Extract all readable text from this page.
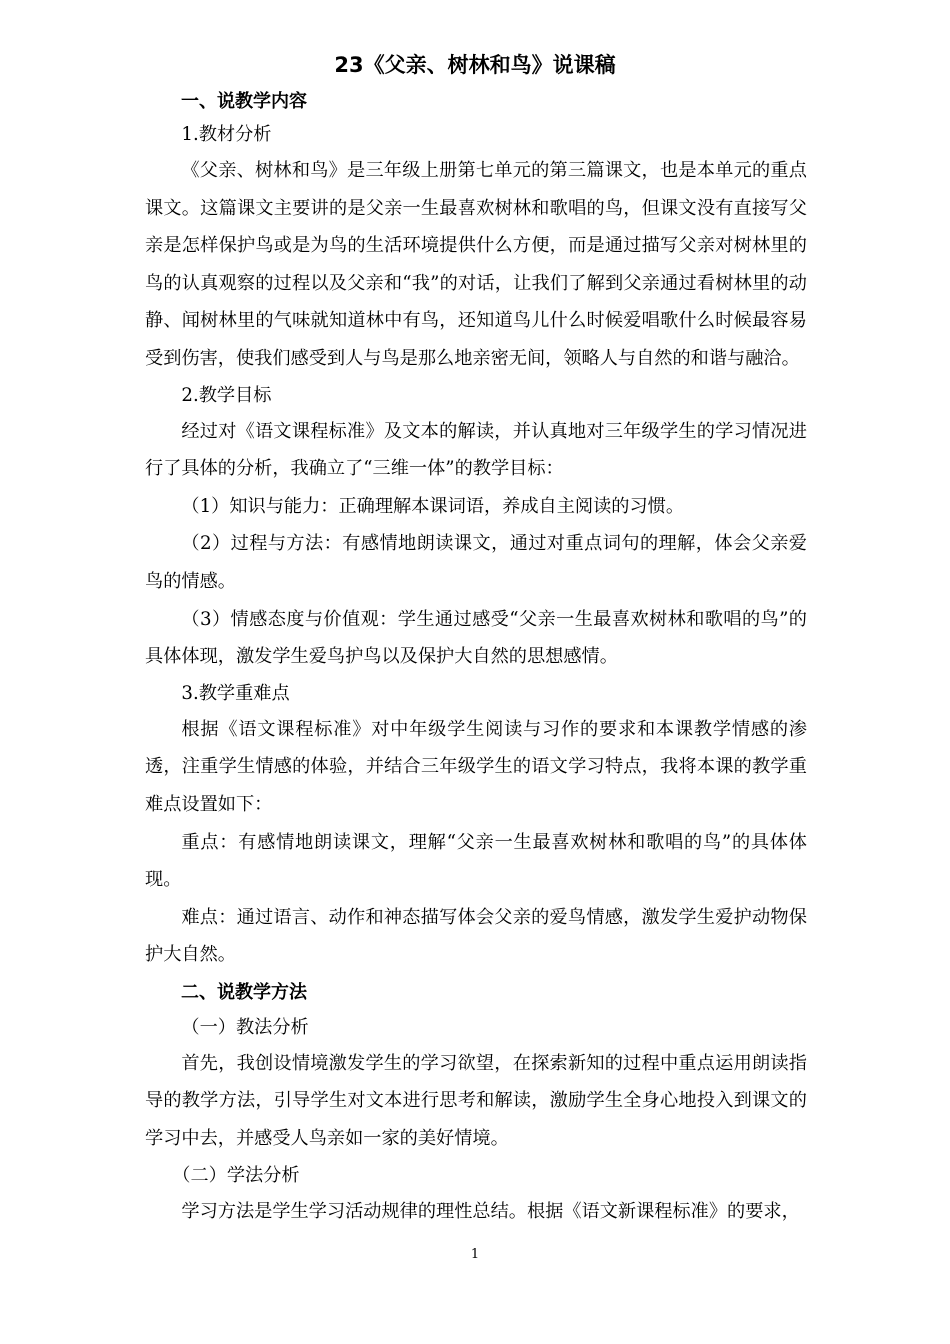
23《父亲、树林和鸟》说课稿

一、说教学内容

1.教材分析

《父亲、树林和鸟》是三年级上册第七单元的第三篇课文，也是本单元的重点课文。这篇课文主要讲的是父亲一生最喜欢树林和歌唱的鸟，但课文没有直接写父亲是怎样保护鸟或是为鸟的生活环境提供什么方便，而是通过描写父亲对树林里的鸟的认真观察的过程以及父亲和“我”的对话，让我们了解到父亲通过看树林里的动静、闻树林里的气味就知道林中有鸟，还知道鸟儿什么时候爱唱歌什么时候最容易受到伤害，使我们感受到人与鸟是那么地亲密无间，领略人与自然的和谐与融洽。

2.教学目标

经过对《语文课程标准》及文本的解读，并认真地对三年级学生的学习情况进行了具体的分析，我确立了“三维一体”的教学目标：

（1）知识与能力：正确理解本课词语，养成自主阅读的习惯。

（2）过程与方法：有感情地朗读课文，通过对重点词句的理解，体会父亲爱鸟的情感。

（3）情感态度与价值观：学生通过感受“父亲一生最喜欢树林和歌唱的鸟”的具体体现，激发学生爱鸟护鸟以及保护大自然的思想感情。

3.教学重难点

根据《语文课程标准》对中年级学生阅读与习作的要求和本课教学情感的渗透，注重学生情感的体验，并结合三年级学生的语文学习特点，我将本课的教学重难点设置如下：

重点：有感情地朗读课文，理解“父亲一生最喜欢树林和歌唱的鸟”的具体体现。

难点：通过语言、动作和神态描写体会父亲的爱鸟情感，激发学生爱护动物保护大自然。

二、说教学方法

（一）教法分析

首先，我创设情境激发学生的学习欲望，在探索新知的过程中重点运用朗读指导的教学方法，引导学生对文本进行思考和解读，激励学生全身心地投入到课文的学习中去，并感受人鸟亲如一家的美好情境。

（二）学法分析

学习方法是学生学习活动规律的理性总结。根据《语文新课程标准》的要求，

1
